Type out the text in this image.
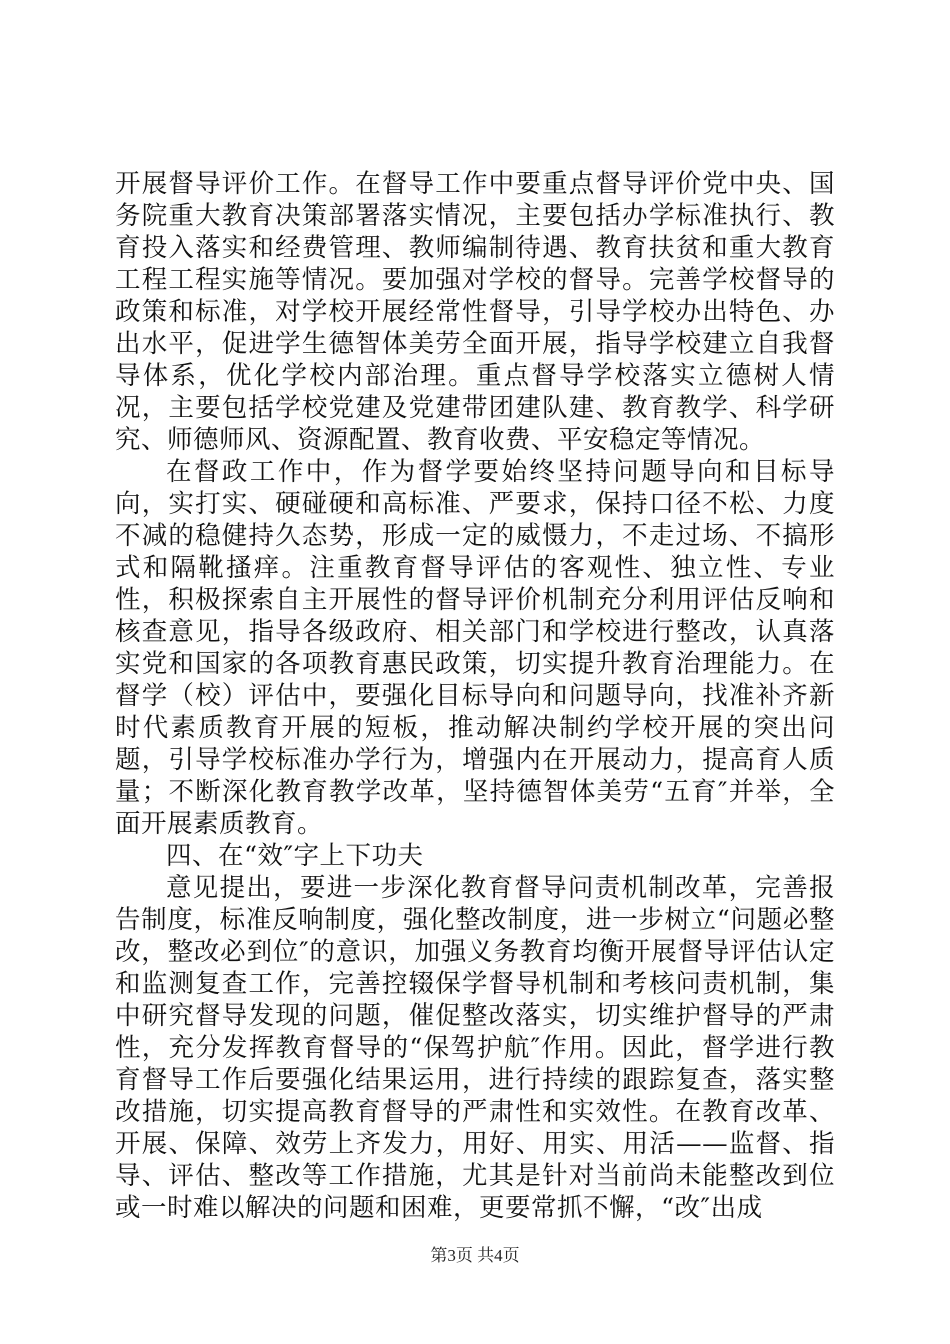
开展督导评价工作。在督导工作中要重点督导评价党中央、国务院重大教育决策部署落实情况，主要包括办学标准执行、教育投入落实和经费管理、教师编制待遇、教育扶贫和重大教育工程工程实施等情况。要加强对学校的督导。完善学校督导的政策和标准，对学校开展经常性督导，引导学校办出特色、办出水平，促进学生德智体美劳全面开展，指导学校建立自我督导体系，优化学校内部治理。重点督导学校落实立德树人情况，主要包括学校党建及党建带团建队建、教育教学、科学研究、师德师风、资源配置、教育收费、平安稳定等情况。

在督政工作中，作为督学要始终坚持问题导向和目标导向，实打实、硬碰硬和高标准、严要求，保持口径不松、力度不减的稳健持久态势，形成一定的威慑力，不走过场、不搞形式和隔靴搔痒。注重教育督导评估的客观性、独立性、专业性，积极探索自主开展性的督导评价机制充分利用评估反响和核查意见，指导各级政府、相关部门和学校进行整改，认真落实党和国家的各项教育惠民政策，切实提升教育治理能力。在督学（校）评估中，要强化目标导向和问题导向，找准补齐新时代素质教育开展的短板，推动解决制约学校开展的突出问题，引导学校标准办学行为，增强内在开展动力，提高育人质量；不断深化教育教学改革，坚持德智体美劳“五育″并举，全面开展素质教育。

四、在“效″字上下功夫

意见提出，要进一步深化教育督导问责机制改革，完善报告制度，标准反响制度，强化整改制度，进一步树立“问题必整改，整改必到位″的意识，加强义务教育均衡开展督导评估认定和监测复查工作，完善控辍保学督导机制和考核问责机制，集中研究督导发现的问题，催促整改落实，切实维护督导的严肃性，充分发挥教育督导的“保驾护航″作用。因此，督学进行教育督导工作后要强化结果运用，进行持续的跟踪复查，落实整改措施，切实提高教育督导的严肃性和实效性。在教育改革、开展、保障、效劳上齐发力，用好、用实、用活——监督、指导、评估、整改等工作措施，尤其是针对当前尚未能整改到位或一时难以解决的问题和困难，更要常抓不懈，“改″出成

第3页 共4页
